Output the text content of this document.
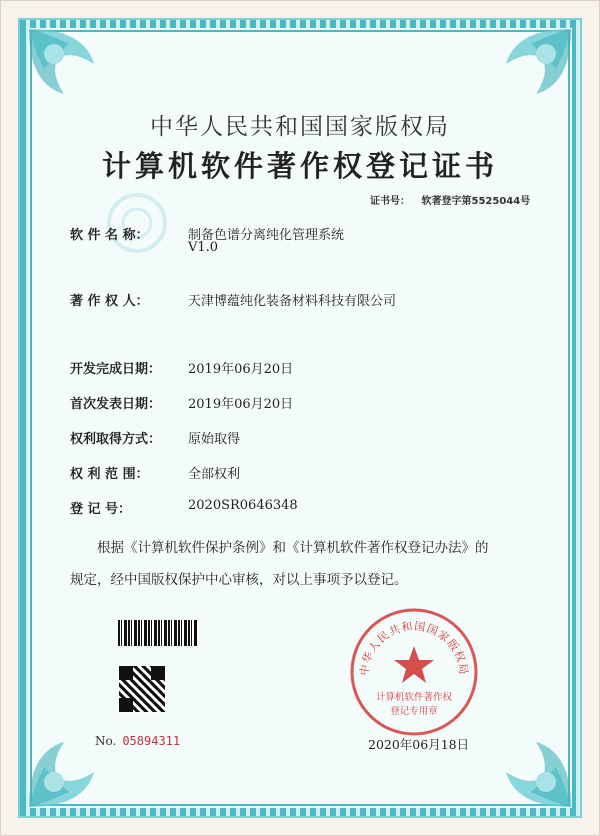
中华人民共和国国家版权局
计算机软件著作权登记证书
证书号： 软著登字第5525044号
软 件 名 称：	制备色谱分离纯化管理系统
V1.0
著 作 权 人：	天津博蕴纯化装备材料科技有限公司
开发完成日期： 2019年06月20日
首次发表日期： 2019年06月20日
权利取得方式： 原始取得
权 利 范 围：	全部权利
登 记 号：	2020SR0646348
根据《计算机软件保护条例》和《计算机软件著作权登记办法》的
规定，经中国版权保护中心审核，对以上事项予以登记。
No. 05894311
中华人民共和国国家版权局
计算机软件著作权
登记专用章
2020年06月18日
